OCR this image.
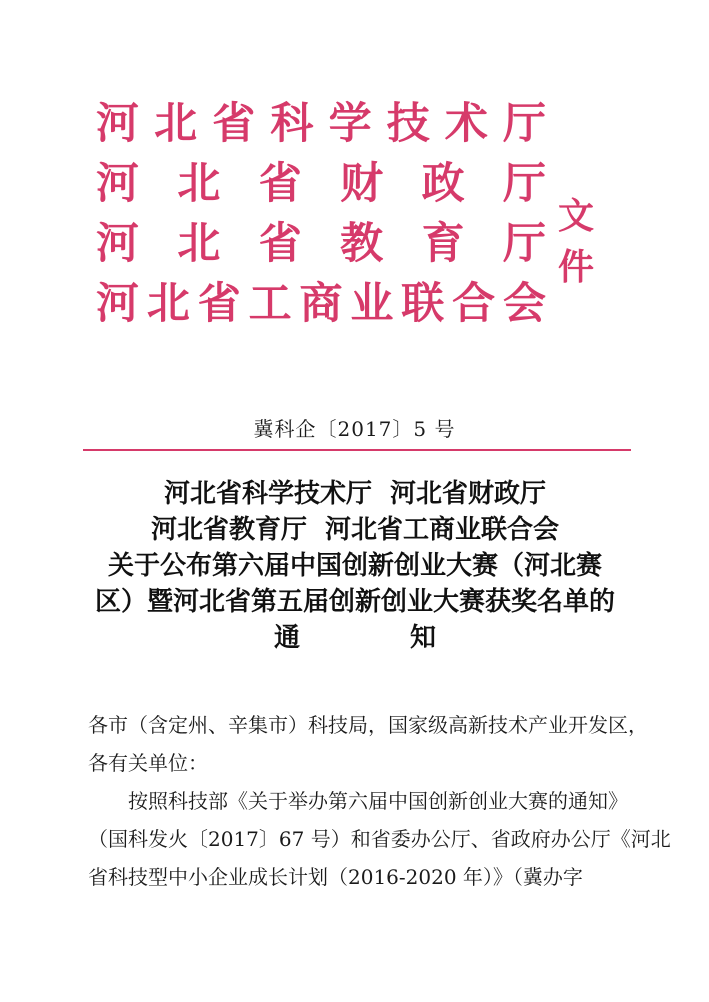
河 北 省 科 学 技 术 厅
河 北 省 财 政 厅
河 北 省 教 育 厅
河 北 省 工 商 业 联 合 会
文件
冀科企〔2017〕5 号
河北省科学技术厅  河北省财政厅
河北省教育厅  河北省工商业联合会
关于公布第六届中国创新创业大赛（河北赛
区）暨河北省第五届创新创业大赛获奖名单的
通	知

各市（含定州、辛集市）科技局，国家级高新技术产业开发区，

各有关单位：

按照科技部《关于举办第六届中国创新创业大赛的通知》

（国科发火〔2017〕67 号）和省委办公厅、省政府办公厅《河北

省科技型中小企业成长计划（2016-2020 年）》（冀办字
